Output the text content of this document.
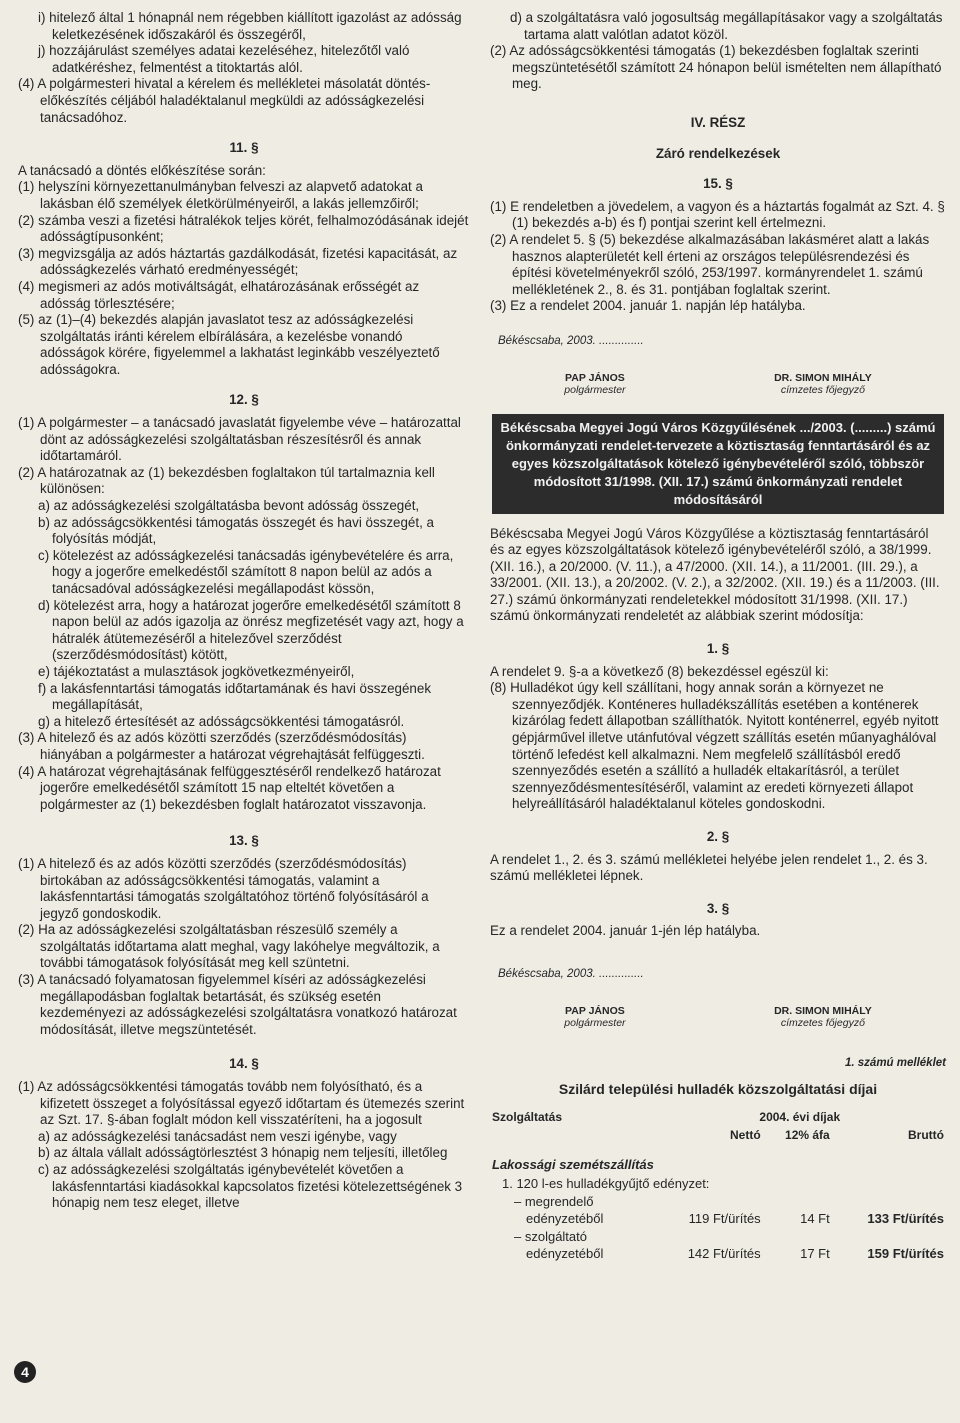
i) hitelező által 1 hónapnál nem régebben kiállított igazolást az adósság keletkezésének időszakáról és összegéről,

j) hozzájárulást személyes adatai kezeléséhez, hitelezőtől való adatkéréshez, felmentést a titoktartás alól.

(4) A polgármesteri hivatal a kérelem és mellékletei másolatát döntés-előkészítés céljából haladéktalanul megküldi az adósságkezelési tanácsadóhoz.

11. §

A tanácsadó a döntés előkészítése során:

(1) helyszíni környezettanulmányban felveszi az alapvető adatokat a lakásban élő személyek életkörülményeiről, a lakás jellemzőiről;

(2) számba veszi a fizetési hátralékok teljes körét, felhalmozódásának idejét adósságtípusonként;

(3) megvizsgálja az adós háztartás gazdálkodását, fizetési kapacitását, az adósságkezelés várható eredményességét;

(4) megismeri az adós motiváltságát, elhatározásának erősségét az adósság törlesztésére;

(5) az (1)–(4) bekezdés alapján javaslatot tesz az adósságkezelési szolgáltatás iránti kérelem elbírálására, a kezelésbe vonandó adósságok körére, figyelemmel a lakhatást leginkább veszélyeztető adósságokra.

12. §

(1) A polgármester – a tanácsadó javaslatát figyelembe véve – határozattal dönt az adósságkezelési szolgáltatásban részesítésről és annak időtartamáról.

(2) A határozatnak az (1) bekezdésben foglaltakon túl tartalmaznia kell különösen:

a) az adósságkezelési szolgáltatásba bevont adósság összegét,

b) az adósságcsökkentési támogatás összegét és havi összegét, a folyósítás módját,

c) kötelezést az adósságkezelési tanácsadás igénybevételére és arra, hogy a jogerőre emelkedéstől számított 8 napon belül az adós a tanácsadóval adósságkezelési megállapodást kössön,

d) kötelezést arra, hogy a határozat jogerőre emelkedésétől számított 8 napon belül az adós igazolja az önrész megfizetését vagy azt, hogy a hátralék átütemezéséről a hitelezővel szerződést (szerződésmódosítást) kötött,

e) tájékoztatást a mulasztások jogkövetkezményeiről,

f) a lakásfenntartási támogatás időtartamának és havi összegének megállapítását,

g) a hitelező értesítését az adósságcsökkentési támogatásról.

(3) A hitelező és az adós közötti szerződés (szerződésmódosítás) hiányában a polgármester a határozat végrehajtását felfüggeszti.

(4) A határozat végrehajtásának felfüggesztéséről rendelkező határozat jogerőre emelkedésétől számított 15 nap elteltét követően a polgármester az (1) bekezdésben foglalt határozatot visszavonja.

13. §

(1) A hitelező és az adós közötti szerződés (szerződésmódosítás) birtokában az adósságcsökkentési támogatás, valamint a lakásfenntartási támogatás szolgáltatóhoz történő folyósításáról a jegyző gondoskodik.

(2) Ha az adósságkezelési szolgáltatásban részesülő személy a szolgáltatás időtartama alatt meghal, vagy lakóhelye megváltozik, a további támogatások folyósítását meg kell szüntetni.

(3) A tanácsadó folyamatosan figyelemmel kíséri az adósságkezelési megállapodásban foglaltak betartását, és szükség esetén kezdeményezi az adósságkezelési szolgáltatásra vonatkozó határozat módosítását, illetve megszüntetését.

14. §

(1) Az adósságcsökkentési támogatás tovább nem folyósítható, és a kifizetett összeget a folyósítással egyező időtartam és ütemezés szerint az Szt. 17. §-ában foglalt módon kell visszatéríteni, ha a jogosult

a) az adósságkezelési tanácsadást nem veszi igénybe, vagy

b) az általa vállalt adósságtörlesztést 3 hónapig nem teljesíti, illetőleg

c) az adósságkezelési szolgáltatás igénybevételét követően a lakásfenntartási kiadásokkal kapcsolatos fizetési kötelezettségének 3 hónapig nem tesz eleget, illetve

4

d) a szolgáltatásra való jogosultság megállapításakor vagy a szolgáltatás tartama alatt valótlan adatot közöl.

(2) Az adósságcsökkentési támogatás (1) bekezdésben foglaltak szerinti megszüntetésétől számított 24 hónapon belül ismételten nem állapítható meg.

IV. RÉSZ
Záró rendelkezések
15. §

(1) E rendeletben a jövedelem, a vagyon és a háztartás fogalmát az Szt. 4. § (1) bekezdés a-b) és f) pontjai szerint kell értelmezni.

(2) A rendelet 5. § (5) bekezdése alkalmazásában lakásméret alatt a lakás hasznos alapterületét kell érteni az országos településrendezési és építési követelményekről szóló, 253/1997. kormányrendelet 1. számú mellékletének 2., 8. és 31. pontjában foglaltak szerint.

(3) Ez a rendelet 2004. január 1. napján lép hatályba.

Békéscsaba, 2003. ..............
PAP JÁNOS
polgármester
DR. SIMON MIHÁLY
címzetes főjegyző
Békéscsaba Megyei Jogú Város Közgyűlésének .../2003. (.........) számú önkormányzati rendelet-tervezete a köztisztaság fenntartásáról és az egyes közszolgáltatások kötelező igénybevételéről szóló, többször módosított 31/1998. (XII. 17.) számú önkormányzati rendelet módosításáról

Békéscsaba Megyei Jogú Város Közgyűlése a köztisztaság fenntartásáról és az egyes közszolgáltatások kötelező igénybevételéről szóló, a 38/1999. (XII. 16.), a 20/2000. (V. 11.), a 47/2000. (XII. 14.), a 11/2001. (III. 29.), a 33/2001. (XII. 13.), a 20/2002. (V. 2.), a 32/2002. (XII. 19.) és a 11/2003. (III. 27.) számú önkormányzati rendeletekkel módosított 31/1998. (XII. 17.) számú önkormányzati rendeletét az alábbiak szerint módosítja:

1. §

A rendelet 9. §-a a következő (8) bekezdéssel egészül ki:

(8) Hulladékot úgy kell szállítani, hogy annak során a környezet ne szennyeződjék. Konténeres hulladékszállítás esetében a konténerek kizárólag fedett állapotban szállíthatók. Nyitott konténerrel, egyéb nyitott gépjárművel illetve utánfutóval végzett szállítás esetén műanyaghálóval történő lefedést kell alkalmazni. Nem megfelelő szállításból eredő szennyeződés esetén a szállító a hulladék eltakarításról, a terület szennyeződésmentesítéséről, valamint az eredeti környezeti állapot helyreállításáról haladéktalanul köteles gondoskodni.

2. §

A rendelet 1., 2. és 3. számú mellékletei helyébe jelen rendelet 1., 2. és 3. számú mellékletei lépnek.

3. §

Ez a rendelet 2004. január 1-jén lép hatályba.

Békéscsaba, 2003. ..............
PAP JÁNOS
polgármester
DR. SIMON MIHÁLY
címzetes főjegyző
1. számú melléklet
Szilárd települési hulladék közszolgáltatási díjai
Szolgáltatás	2004. évi díjak		
	Nettó	12% áfa	Bruttó
Lakossági szemétszállítás			
1. 120 l-es hulladékgyűjtő edényzet:			

– megrendelő
edényzetéből	119 Ft/ürítés	14 Ft	133 Ft/ürítés

– szolgáltató
edényzetéből	142 Ft/ürítés	17 Ft	159 Ft/ürítés
